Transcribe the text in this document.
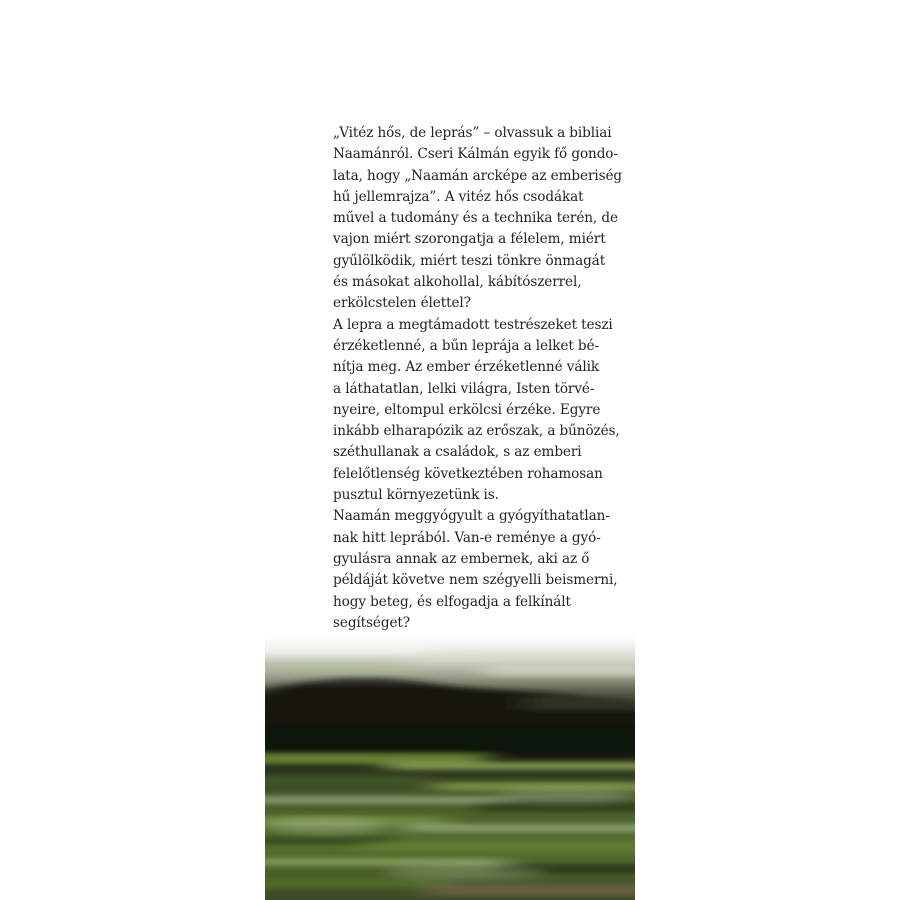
„Vitéz hős, de leprás” – olvassuk a bibliai
Naamánról. Cseri Kálmán egyik fő gondo-
lata, hogy „Naamán arcképe az emberiség
hű jellemrajza”. A vitéz hős csodákat
művel a tudomány és a technika terén, de
vajon miért szorongatja a félelem, miért
gyűlölködik, miért teszi tönkre önmagát
és másokat alkohollal, kábítószerrel,
erkölcstelen élettel?
A lepra a megtámadott testrészeket teszi
érzéketlenné, a bűn leprája a lelket bé-
nítja meg. Az ember érzéketlenné válik
a láthatatlan, lelki világra, Isten törvé-
nyeire, eltompul erkölcsi érzéke. Egyre
inkább elharapózik az erőszak, a bűnözés,
széthullanak a családok, s az emberi
felelőtlenség következtében rohamosan
pusztul környezetünk is.
Naamán meggyógyult a gyógyíthatatlan-
nak hitt leprából. Van-e reménye a gyó-
gyulásra annak az embernek, aki az ő
példáját követve nem szégyelli beismerni,
hogy beteg, és elfogadja a felkínált
segítséget?
